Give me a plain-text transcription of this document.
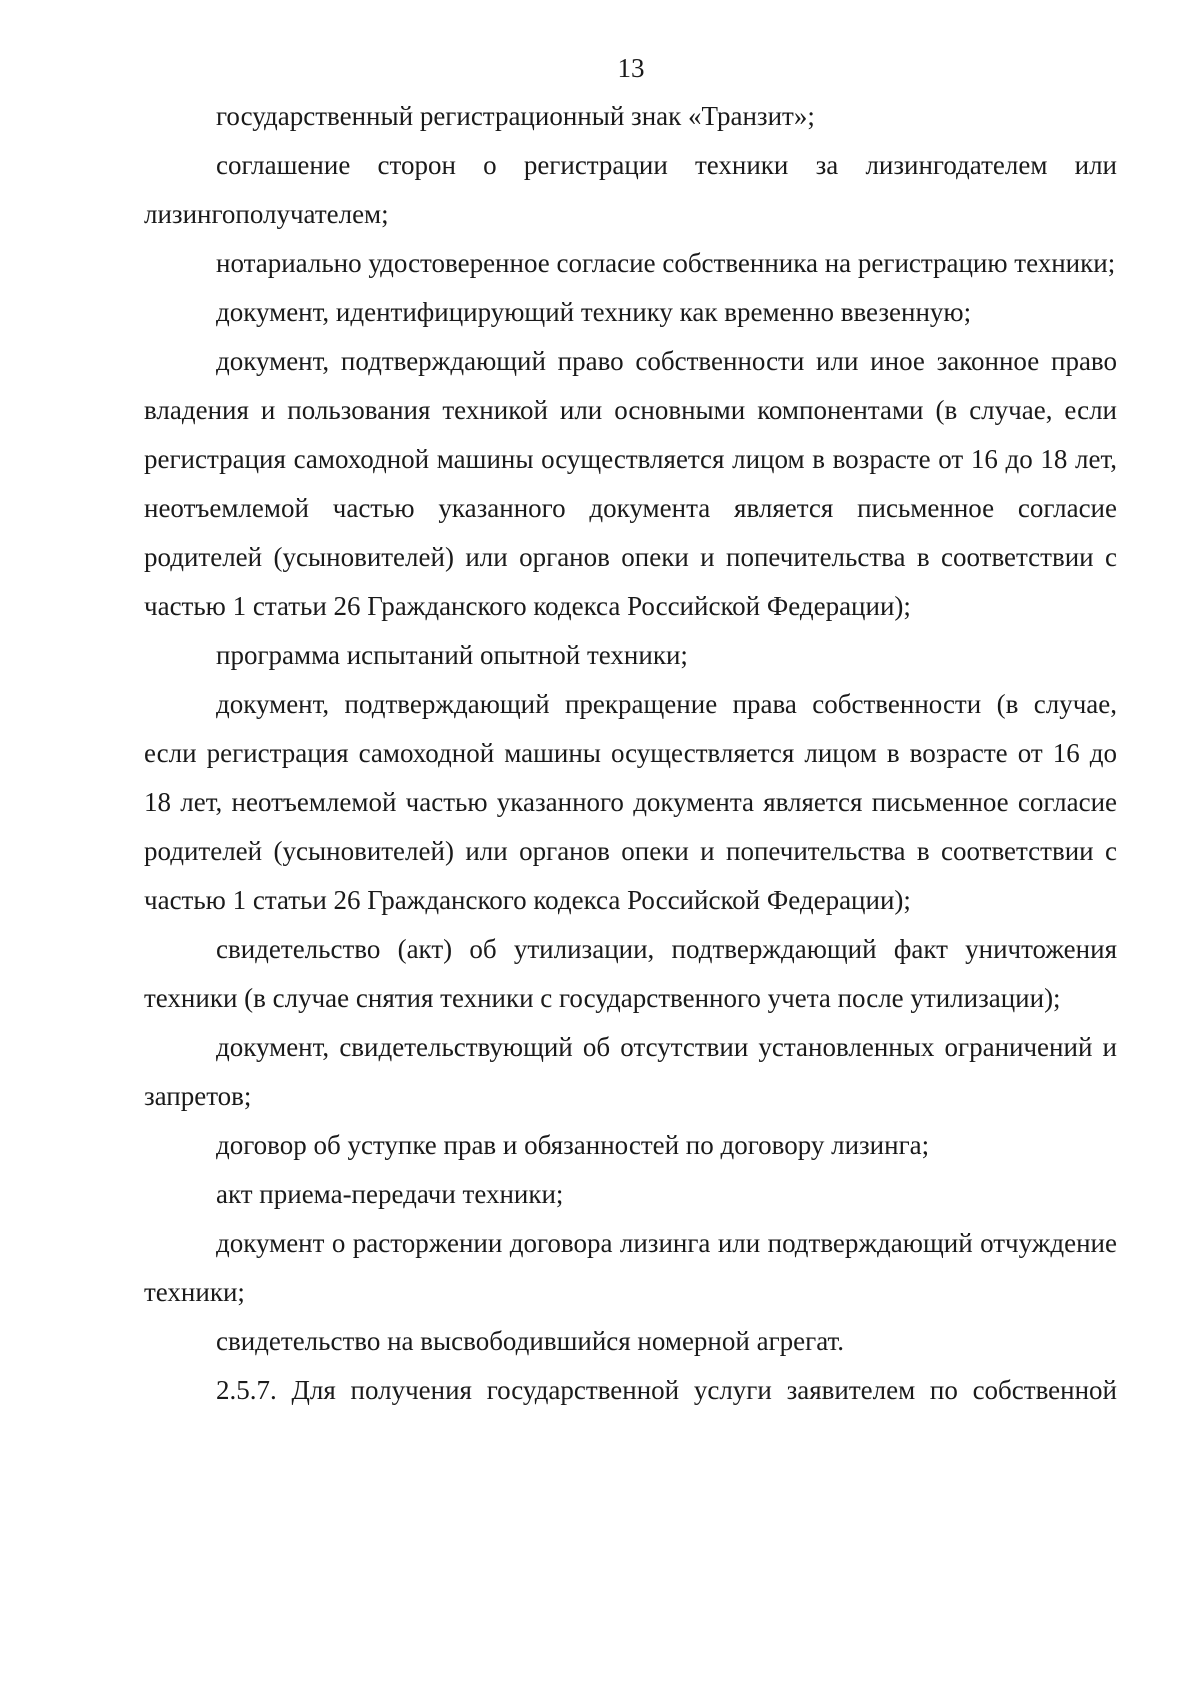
13

государственный регистрационный знак «Транзит»;

соглашение сторон о регистрации техники за лизингодателем или лизингополучателем;

нотариально удостоверенное согласие собственника на регистрацию техники;

документ, идентифицирующий технику как временно ввезенную;

документ, подтверждающий право собственности или иное законное право владения и пользования техникой или основными компонентами (в случае, если регистрация самоходной машины осуществляется лицом в возрасте от 16 до 18 лет, неотъемлемой частью указанного документа является письменное согласие родителей (усыновителей) или органов опеки и попечительства в соответствии с частью 1 статьи 26 Гражданского кодекса Российской Федерации);

программа испытаний опытной техники;

документ, подтверждающий прекращение права собственности (в случае, если регистрация самоходной машины осуществляется лицом в возрасте от 16 до 18 лет, неотъемлемой частью указанного документа является письменное согласие родителей (усыновителей) или органов опеки и попечительства в соответствии с частью 1 статьи 26 Гражданского кодекса Российской Федерации);

свидетельство (акт) об утилизации, подтверждающий факт уничтожения техники (в случае снятия техники с государственного учета после утилизации);

документ, свидетельствующий об отсутствии установленных ограничений и запретов;

договор об уступке прав и обязанностей по договору лизинга;

акт приема-передачи техники;

документ о расторжении договора лизинга или подтверждающий отчуждение техники;

свидетельство на высвободившийся номерной агрегат.

2.5.7. Для получения государственной услуги заявителем по собственной
